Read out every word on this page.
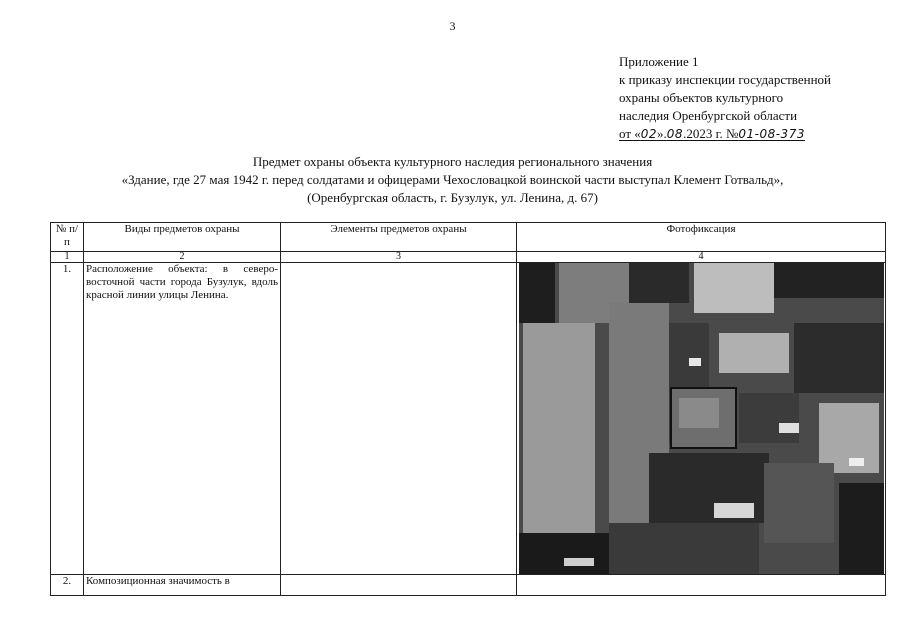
3
Приложение 1
к приказу инспекции государственной
охраны объектов культурного
наследия Оренбургской области
от «02».08.2023 г. №01-08-373
Предмет охраны объекта культурного наследия регионального значения
«Здание, где 27 мая 1942 г. перед солдатами и офицерами Чехословацкой воинской части выступал Клемент Готвальд»,
(Оренбургская область, г. Бузулук, ул. Ленина, д. 67)
№ п/п	Виды предметов охраны	Элементы предметов охраны	Фотофиксация
1	2	3	4
1.	Расположение объекта: в северо-восточной части города Бузулук, вдоль красной линии улицы Ленина.		

2.	Композиционная значимость в		
